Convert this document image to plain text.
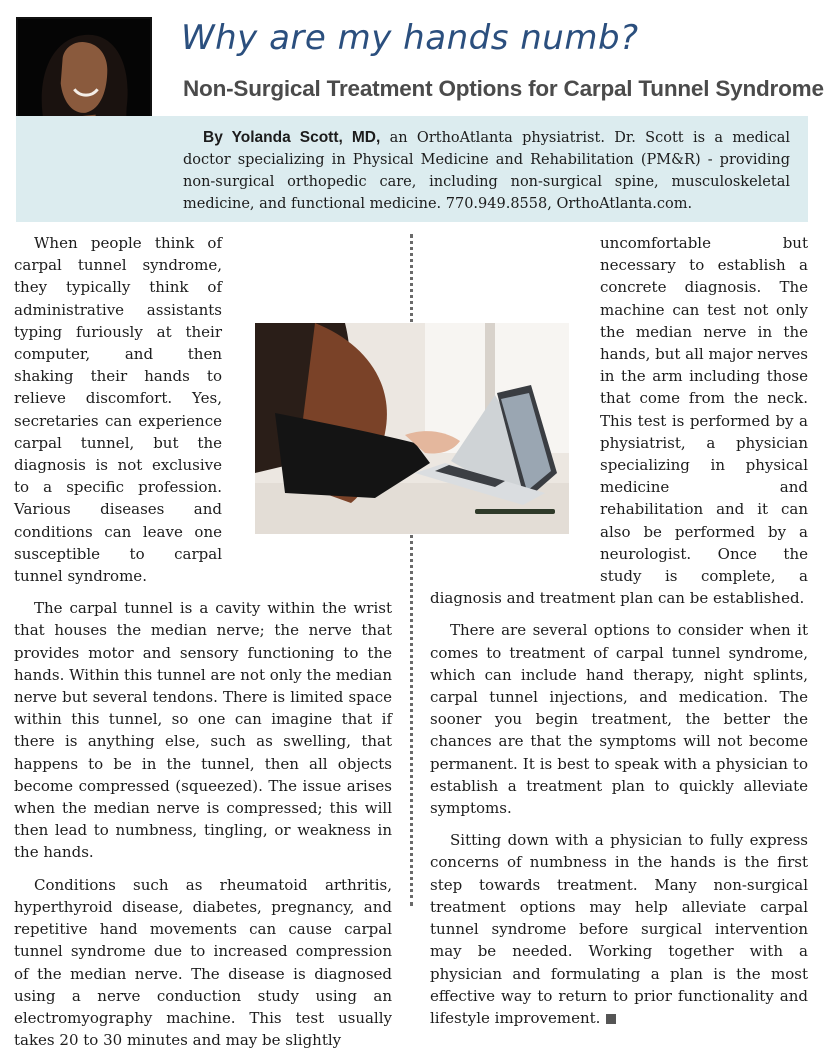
Why are my hands numb?
Non-Surgical Treatment Options for Carpal Tunnel Syndrome

By Yolanda Scott, MD, an OrthoAtlanta physiatrist. Dr. Scott is a medical doctor specializing in Physical Medicine and Rehabilitation (PM&R) - providing non-surgical orthopedic care, including non-surgical spine, musculoskeletal medicine, and functional medicine. 770.949.8558, OrthoAtlanta.com.

When people think of carpal tunnel syndrome, they typically think of administrative assistants typing furiously at their computer, and then shaking their hands to relieve discomfort. Yes, secretaries can experience carpal tunnel, but the diagnosis is not exclusive to a specific profession. Various diseases and conditions can leave one susceptible to carpal tunnel syndrome.

The carpal tunnel is a cavity within the wrist that houses the median nerve; the nerve that provides motor and sensory functioning to the hands. Within this tunnel are not only the median nerve but several tendons. There is limited space within this tunnel, so one can imagine that if there is anything else, such as swelling, that happens to be in the tunnel, then all objects become compressed (squeezed). The issue arises when the median nerve is compressed; this will then lead to numbness, tingling, or weakness in the hands.

Conditions such as rheumatoid arthritis, hyperthyroid disease, diabetes, pregnancy, and repetitive hand movements can cause carpal tunnel syndrome due to increased compression of the median nerve. The disease is diagnosed using a nerve conduction study using an electromyography machine. This test usually takes 20 to 30 minutes and may be slightly

uncomfortable but necessary to establish a concrete diagnosis. The machine can test not only the median nerve in the hands, but all major nerves in the arm including those that come from the neck. This test is performed by a physiatrist, a physician specializing in physical medicine and rehabilitation and it can also be performed by a neurologist. Once the study is complete, a diagnosis and treatment plan can be established.

There are several options to consider when it comes to treatment of carpal tunnel syndrome, which can include hand therapy, night splints, carpal tunnel injections, and medication. The sooner you begin treatment, the better the chances are that the symptoms will not become permanent. It is best to speak with a physician to establish a treatment plan to quickly alleviate symptoms.

Sitting down with a physician to fully express concerns of numbness in the hands is the first step towards treatment. Many non-surgical treatment options may help alleviate carpal tunnel syndrome before surgical intervention may be needed. Working together with a physician and formulating a plan is the most effective way to return to prior functionality and lifestyle improvement.
